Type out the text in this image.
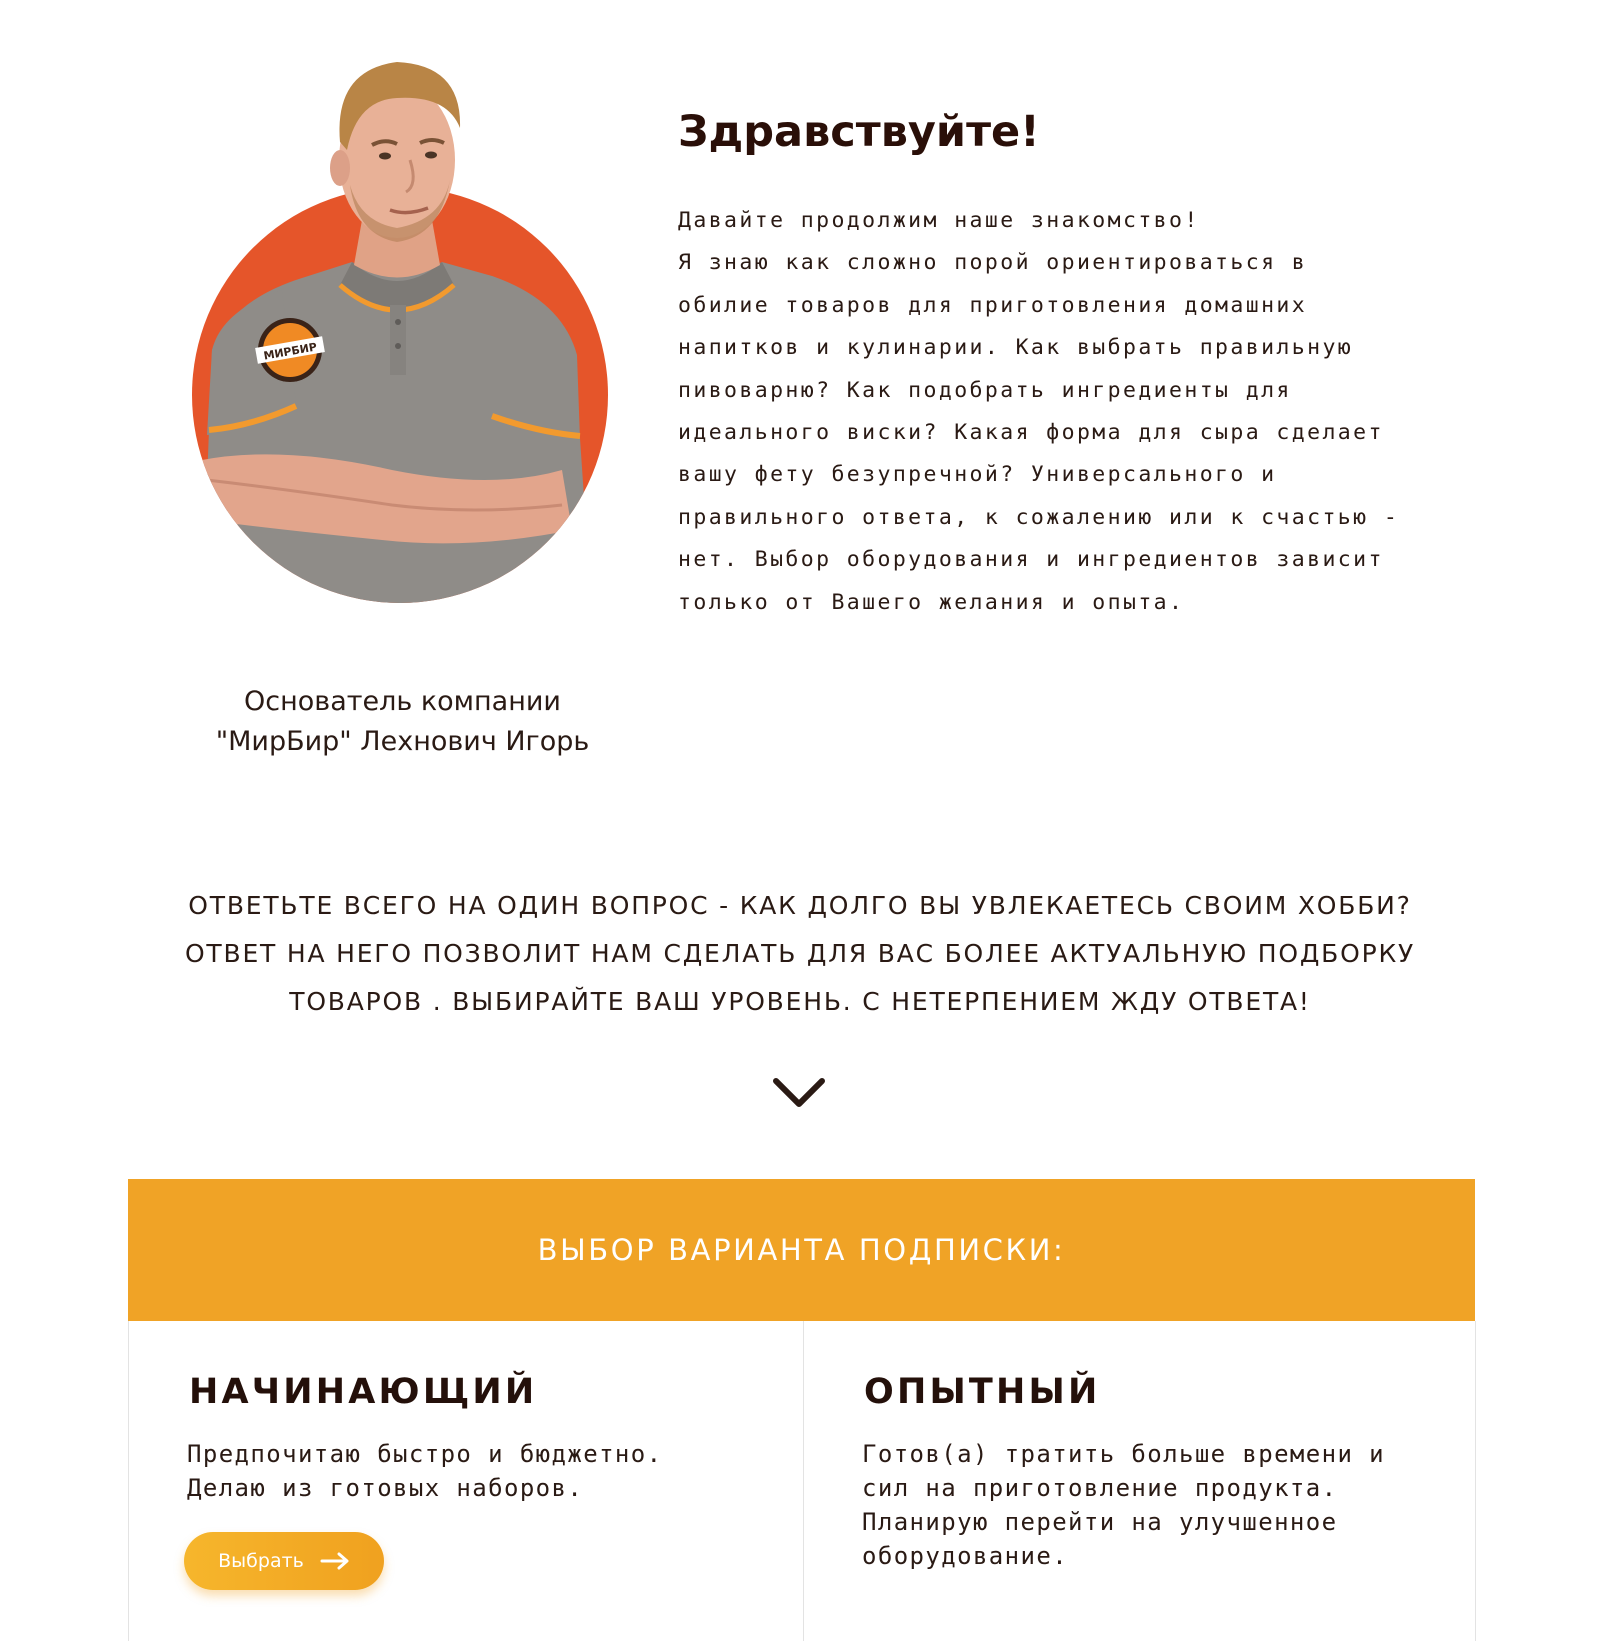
МИРБИР
Основатель компании
"МирБир" Лехнович Игорь
Здравствуйте!
Давайте продолжим наше знакомство!
Я знаю как сложно порой ориентироваться в
обилие товаров для приготовления домашних
напитков и кулинарии. Как выбрать правильную
пивоварню? Как подобрать ингредиенты для
идеального виски? Какая форма для сыра сделает
вашу фету безупречной? Универсального и
правильного ответа, к сожалению или к счастью -
нет. Выбор оборудования и ингредиентов зависит
только от Вашего желания и опыта.
ОТВЕТЬТЕ ВСЕГО НА ОДИН ВОПРОС - КАК ДОЛГО ВЫ УВЛЕКАЕТЕСЬ СВОИМ ХОББИ?
ОТВЕТ НА НЕГО ПОЗВОЛИТ НАМ СДЕЛАТЬ ДЛЯ ВАС БОЛЕЕ АКТУАЛЬНУЮ ПОДБОРКУ
ТОВАРОВ . ВЫБИРАЙТЕ ВАШ УРОВЕНЬ. С НЕТЕРПЕНИЕМ ЖДУ ОТВЕТА!
ВЫБОР ВАРИАНТА ПОДПИСКИ:
НАЧИНАЮЩИЙ
Предпочитаю быстро и бюджетно.
Делаю из готовых наборов.
Выбрать
ОПЫТНЫЙ
Готов(а) тратить больше времени и
сил на приготовление продукта.
Планирую перейти на улучшенное
оборудование.
